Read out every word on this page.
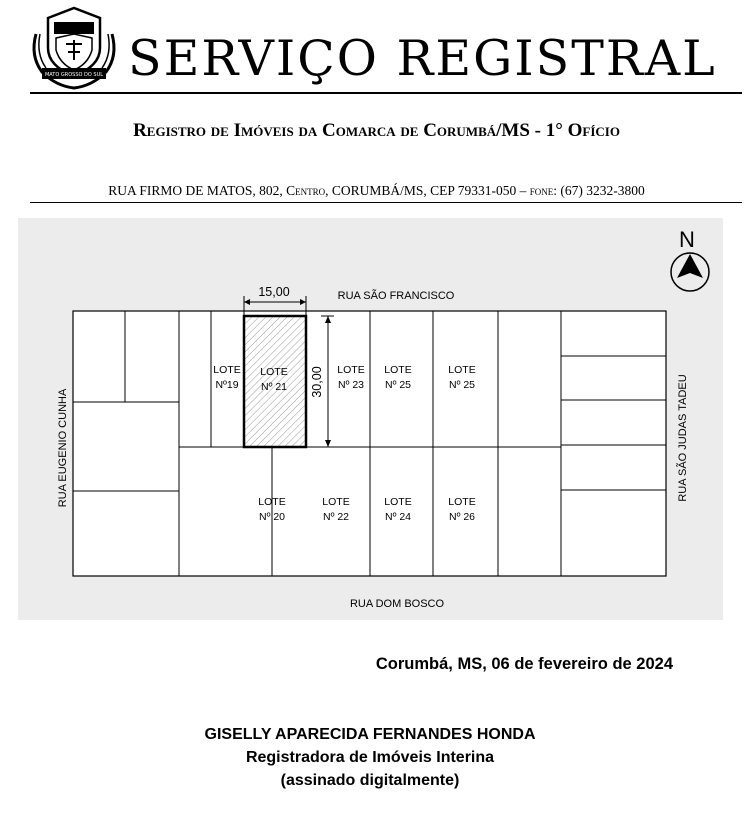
MATO GROSSO DO SUL SERVIÇO REGISTRAL
Registro de Imóveis da Comarca de Corumbá/MS - 1° Ofício
RUA FIRMO DE MATOS, 802, Centro, CORUMBÁ/MS, CEP 79331-050 – fone: (67) 3232-3800
N
15,00
30,00
RUA SÃO FRANCISCO
RUA DOM BOSCO
RUA EUGENIO CUNHA	RUA SÃO JUDAS TADEU
LOTE
Nº19
LOTE
Nº 21
LOTE
Nº 23
LOTE
Nº 25
LOTE
Nº 25
LOTE
Nº 20
LOTE
Nº 22
LOTE
Nº 24
LOTE
Nº 26
Corumbá, MS, 06 de fevereiro de 2024
GISELLY APARECIDA FERNANDES HONDA
Registradora de Imóveis Interina
(assinado digitalmente)
